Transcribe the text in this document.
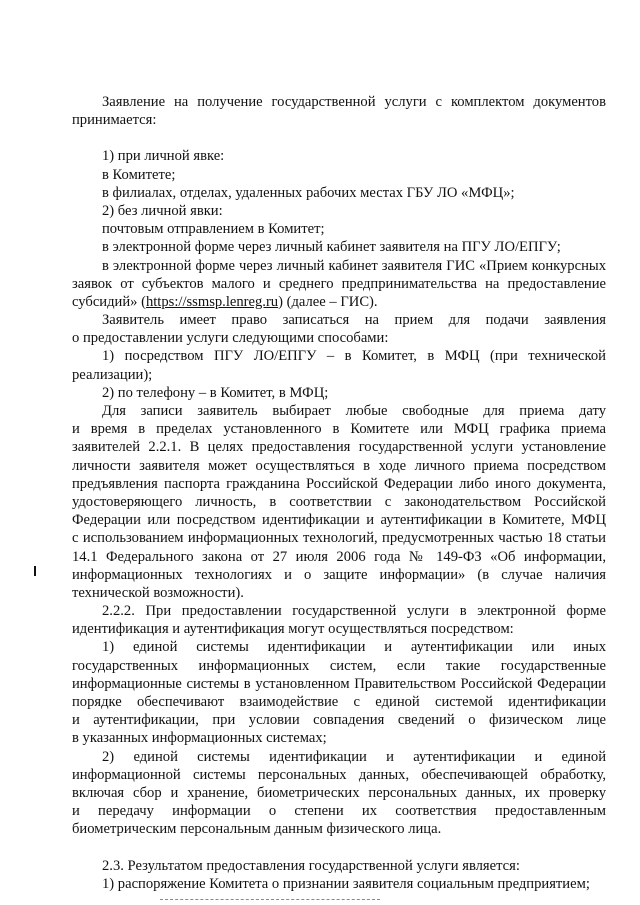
Заявление на получение государственной услуги с комплектом документов
принимается:
1) при личной явке:
в Комитете;
в филиалах, отделах, удаленных рабочих местах ГБУ ЛО «МФЦ»;
2) без личной явки:
почтовым отправлением в Комитет;
в электронной форме через личный кабинет заявителя на ПГУ ЛО/ЕПГУ;
в электронной форме через личный кабинет заявителя ГИС «Прием конкурсных
заявок от субъектов малого и среднего предпринимательства на предоставление
субсидий» (https://ssmsp.lenreg.ru) (далее – ГИС).
Заявитель имеет право записаться на прием для подачи заявления
о предоставлении услуги следующими способами:
1) посредством ПГУ ЛО/ЕПГУ – в Комитет, в МФЦ (при технической
реализации);
2) по телефону – в Комитет, в МФЦ;
Для записи заявитель выбирает любые свободные для приема дату
и время в пределах установленного в Комитете или МФЦ графика приема
заявителей 2.2.1. В целях предоставления государственной услуги установление
личности заявителя может осуществляться в ходе личного приема посредством
предъявления паспорта гражданина Российской Федерации либо иного документа,
удостоверяющего личность, в соответствии с законодательством Российской
Федерации или посредством идентификации и аутентификации в Комитете, МФЦ
с использованием информационных технологий, предусмотренных частью 18 статьи
14.1 Федерального закона от 27 июля 2006 года № 149-ФЗ «Об информации,
информационных технологиях и о защите информации» (в случае наличия
технической возможности).
2.2.2. При предоставлении государственной услуги в электронной форме
идентификация и аутентификация могут осуществляться посредством:
1) единой системы идентификации и аутентификации или иных
государственных информационных систем, если такие государственные
информационные системы в установленном Правительством Российской Федерации
порядке обеспечивают взаимодействие с единой системой идентификации
и аутентификации, при условии совпадения сведений о физическом лице
в указанных информационных системах;
2) единой системы идентификации и аутентификации и единой
информационной системы персональных данных, обеспечивающей обработку,
включая сбор и хранение, биометрических персональных данных, их проверку
и передачу информации о степени их соответствия предоставленным
биометрическим персональным данным физического лица.
2.3. Результатом предоставления государственной услуги является:
1) распоряжение Комитета о признании заявителя социальным предприятием;
